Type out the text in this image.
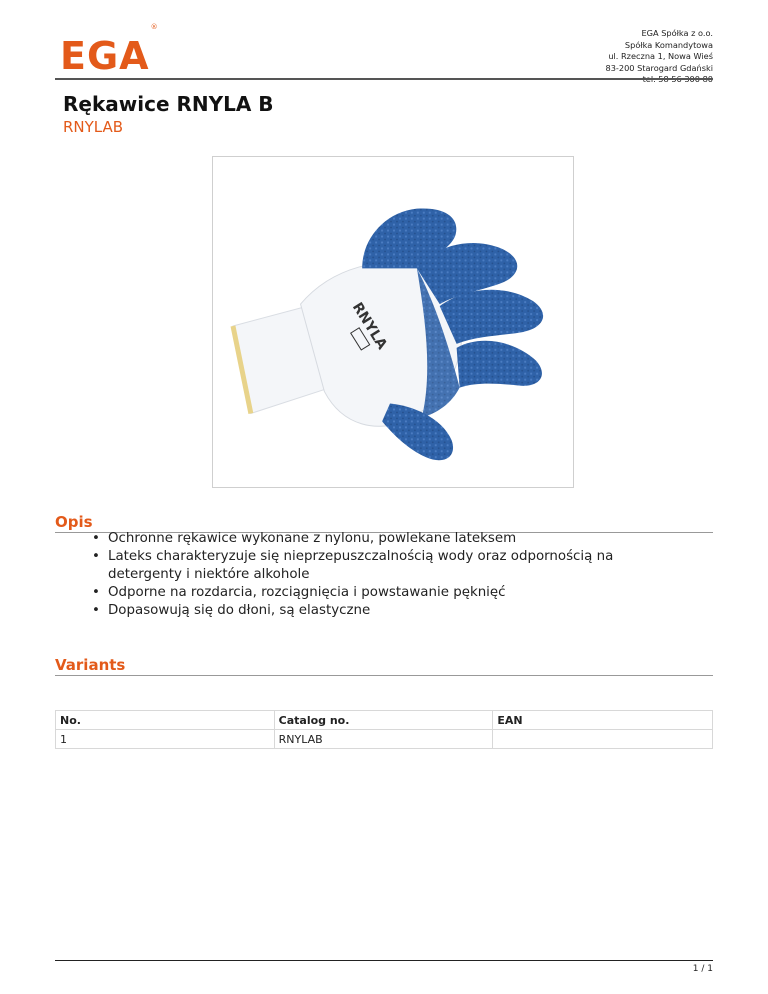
EGA®
EGA Spółka z o.o.
Spółka Komandytowa
ul. Rzeczna 1, Nowa Wieś
83-200 Starogard Gdański
Rękawice RNYLA B
RNYLAB
RNYLA
Opis
• Ochronne rękawice wykonane z nylonu, powlekane lateksem
• Lateks charakteryzuje się nieprzepuszczalnością wody oraz odpornością na detergenty i niektóre alkohole
• Odporne na rozdarcia, rozciągnięcia i powstawanie pęknięć
• Dopasowują się do dłoni, są elastyczne
Variants
No.	Catalog no.	EAN
1	RNYLAB	
1 / 1
